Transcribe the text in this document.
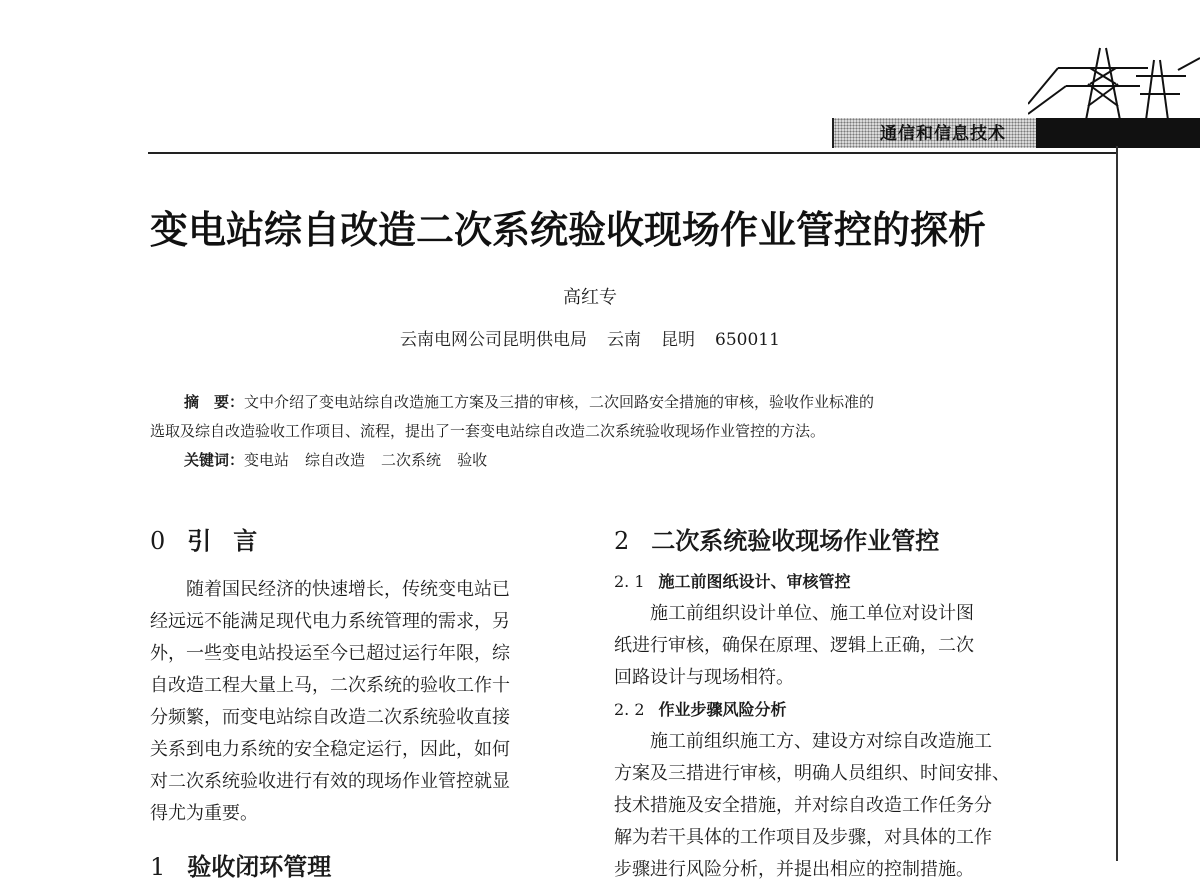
通信和信息技术
变电站综自改造二次系统验收现场作业管控的探析
高红专
云南电网公司昆明供电局 云南 昆明 650011

摘　要：文中介绍了变电站综自改造施工方案及三措的审核，二次回路安全措施的审核，验收作业标准的

选取及综自改造验收工作项目、流程，提出了一套变电站综自改造二次系统验收现场作业管控的方法。

关键词：变电站 综自改造 二次系统 验收

0 引言

随着国民经济的快速增长，传统变电站已

经远远不能满足现代电力系统管理的需求，另

外，一些变电站投运至今已超过运行年限，综

自改造工程大量上马，二次系统的验收工作十

分频繁，而变电站综自改造二次系统验收直接

关系到电力系统的安全稳定运行，因此，如何

对二次系统验收进行有效的现场作业管控就显

得尤为重要。

1 验收闭环管理
2 二次系统验收现场作业管控
2. 1 施工前图纸设计、审核管控

施工前组织设计单位、施工单位对设计图

纸进行审核，确保在原理、逻辑上正确，二次

回路设计与现场相符。

2. 2 作业步骤风险分析

施工前组织施工方、建设方对综自改造施工

方案及三措进行审核，明确人员组织、时间安排、

技术措施及安全措施，并对综自改造工作任务分

解为若干具体的工作项目及步骤，对具体的工作

步骤进行风险分析，并提出相应的控制措施。
